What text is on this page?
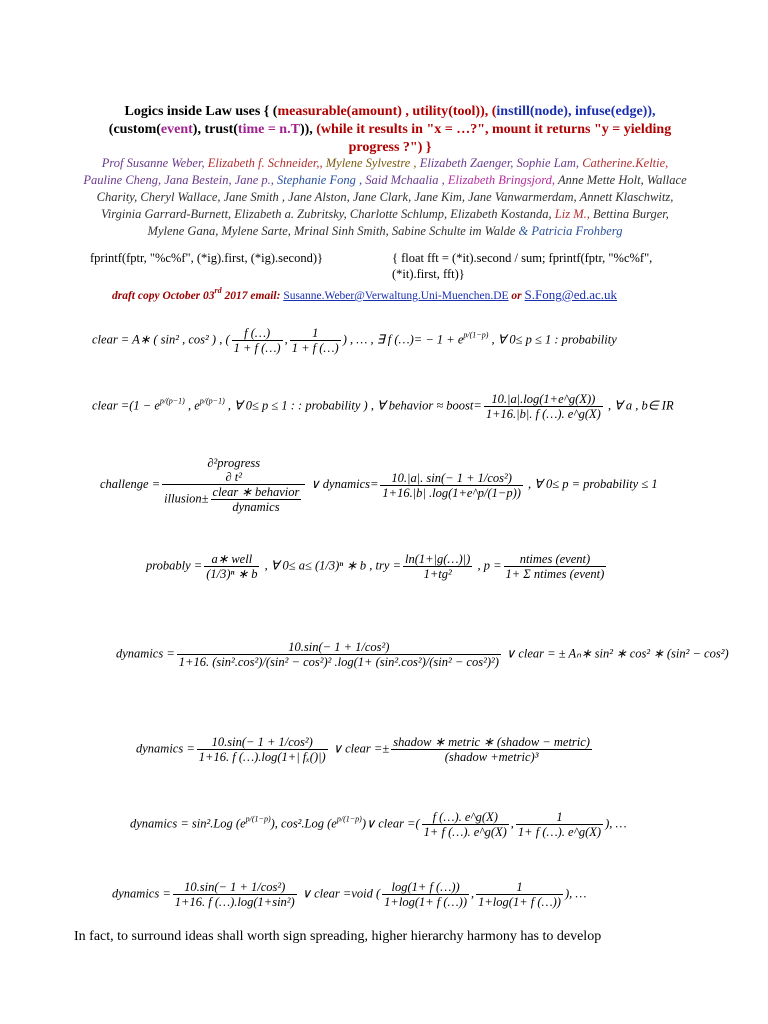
Logics inside Law uses { (measurable(amount) , utility(tool)), (instill(node), infuse(edge)),
(custom(event), trust(time = n.T)), (while it results in "x = …?", mount it returns "y = yielding progress ?") }
Prof Susanne Weber, Elizabeth f. Schneider,, Mylene Sylvestre , Elizabeth Zaenger, Sophie Lam, Catherine.Keltie, Pauline Cheng, Jana Bestein, Jane p., Stephanie Fong , Said Mchaalia , Elizabeth Bringsjord, Anne Mette Holt, Wallace Charity, Cheryl Wallace, Jane Smith , Jane Alston, Jane Clark, Jane Kim, Jane Vanwarmerdam, Annett Klaschwitz, Virginia Garrard-Burnett, Elizabeth a. Zubritsky, Charlotte Schlump, Elizabeth Kostanda, Liz M., Bettina Burger, Mylene Gana, Mylene Sarte, Mrinal Sinh Smith, Sabine Schulte im Walde & Patricia Frohberg
fprintf(fptr, "%c%f", (*ig).first, (*ig).second)}	{ float fft = (*it).second / sum; fprintf(fptr, "%c%f",
(*it).first, fft)}
draft copy October 03rd 2017 email: Susanne.Weber@Verwaltung.Uni-Muenchen.DE or S.Fong@ed.ac.uk
clear = A∗ ( sin² , cos² ) , ( $\frac{f (\dots)}{1 + f (\dots)}$ , $\frac{1}{1 + f (\dots)}$ ) , … , ∃ f (…)= − $1 + e^{p/(1-p)}$ , ∀ 0≤ p ≤ 1 : probability
clear $=(1 - e^{p/(p-1)}$ , $e^{p/(p-1)}$ , ∀ 0≤ p ≤ 1 : : probability ) , ∀ behavior ≈ boost= $\frac{10.|a|.\log(1+e\^{}g(X))}{1+16.|b|. f (\dots). e\^{}g(X)}$ , ∀ a , b∈ IR
challenge =
∂²progress
∂ t²
illusion± $\frac{\text{clear ∗ behavior}}{\text{dynamics}}$
∨ dynamics= $\frac{\text{10.|a|. sin(− 1 + 1/cos²)}}{1+16.|b| .\log(1+e\^{}p/(1-p))}$ , ∀ 0≤ p = probability ≤ 1
probably = $\frac{\text{a∗ well}}{\text{(1/3)ⁿ ∗ b}}$ , ∀ 0≤ a≤ (1/3)ⁿ ∗ b , try = $\frac{\ln(1+|g(\dots)|)}{\text{1+tg²}}$ , $p = \frac{\text{ntimes (event)}}{\text{1+ Σ ntimes (event)}}$
dynamics =	10.sin(− 1 + 1/cos²)
1+16. (sin².cos²)/(sin² − cos²)² .log(1+ (sin².cos²)/(sin² − cos²)²)
∨ clear = ± Aₙ∗ sin² ∗ cos² ∗ (sin² − cos²)
dynamics = $\frac{\text{10.sin(− 1 + 1/cos²)}}{\text{1+16. f (…).log(1+| fₓ()|)}}$ ∨ clear =± $\frac{\text{shadow ∗ metric ∗ (shadow − metric)}}{\text{(shadow +metric)³}}$
dynamics = sin².Log $(e^{p/(1-p)})$, cos².Log $(e^{p/(1-p)})\vee$ clear =( $\frac{f (\dots). e\^{}g(X)}{1+ f (\dots). e\^{}g(X)}$ , $\frac{1}{1+ f (\dots). e\^{}g(X)}$ ), …
dynamics = $\frac{\text{10.sin(− 1 + 1/cos²)}}{\text{1+16. f (…).log(1+sin²)}}$ ∨ clear =void ( $\frac{\log(1+ f (\dots))}{1+\log(1+ f (\dots))}$ , $\frac{1}{1+\log(1+ f (\dots))}$ ), …
In fact, to surround ideas shall worth sign spreading, higher hierarchy harmony has to develop
